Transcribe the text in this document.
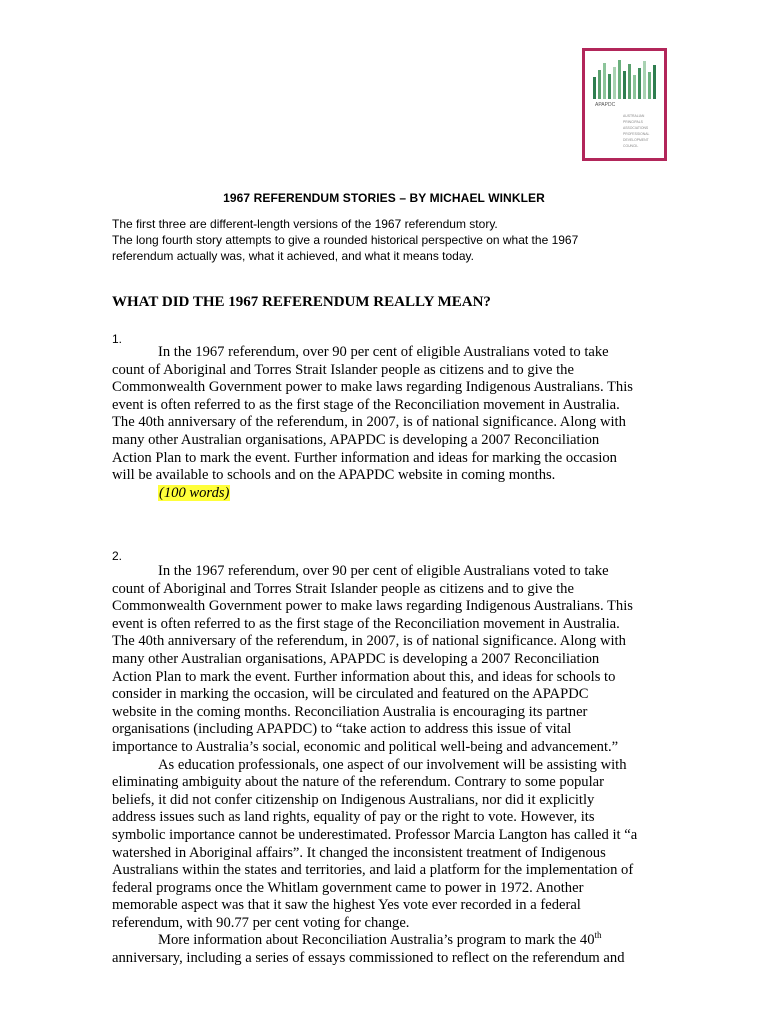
APAPDC
AUSTRALIAN
PRINCIPALS
ASSOCIATIONS
PROFESSIONAL
DEVELOPMENT
COUNCIL
1967 REFERENDUM STORIES – BY MICHAEL WINKLER
The first three are different-length versions of the 1967 referendum story.
The long fourth story attempts to give a rounded historical perspective on what the 1967
referendum actually was, what it achieved, and what it means today.
WHAT DID THE 1967 REFERENDUM REALLY MEAN?
1.
In the 1967 referendum, over 90 per cent of eligible Australians voted to take
count of Aboriginal and Torres Strait Islander people as citizens and to give the
Commonwealth Government power to make laws regarding Indigenous Australians. This
event is often referred to as the first stage of the Reconciliation movement in Australia.
The 40th anniversary of the referendum, in 2007, is of national significance. Along with
many other Australian organisations, APAPDC is developing a 2007 Reconciliation
Action Plan to mark the event. Further information and ideas for marking the occasion
will be available to schools and on the APAPDC website in coming months.
(100 words)
2.
In the 1967 referendum, over 90 per cent of eligible Australians voted to take
count of Aboriginal and Torres Strait Islander people as citizens and to give the
Commonwealth Government power to make laws regarding Indigenous Australians. This
event is often referred to as the first stage of the Reconciliation movement in Australia.
The 40th anniversary of the referendum, in 2007, is of national significance. Along with
many other Australian organisations, APAPDC is developing a 2007 Reconciliation
Action Plan to mark the event. Further information about this, and ideas for schools to
consider in marking the occasion, will be circulated and featured on the APAPDC
website in the coming months. Reconciliation Australia is encouraging its partner
organisations (including APAPDC) to “take action to address this issue of vital
importance to Australia’s social, economic and political well-being and advancement.”
As education professionals, one aspect of our involvement will be assisting with
eliminating ambiguity about the nature of the referendum. Contrary to some popular
beliefs, it did not confer citizenship on Indigenous Australians, nor did it explicitly
address issues such as land rights, equality of pay or the right to vote. However, its
symbolic importance cannot be underestimated. Professor Marcia Langton has called it “a
watershed in Aboriginal affairs”. It changed the inconsistent treatment of Indigenous
Australians within the states and territories, and laid a platform for the implementation of
federal programs once the Whitlam government came to power in 1972. Another
memorable aspect was that it saw the highest Yes vote ever recorded in a federal
referendum, with 90.77 per cent voting for change.
More information about Reconciliation Australia’s program to mark the 40th
anniversary, including a series of essays commissioned to reflect on the referendum and
